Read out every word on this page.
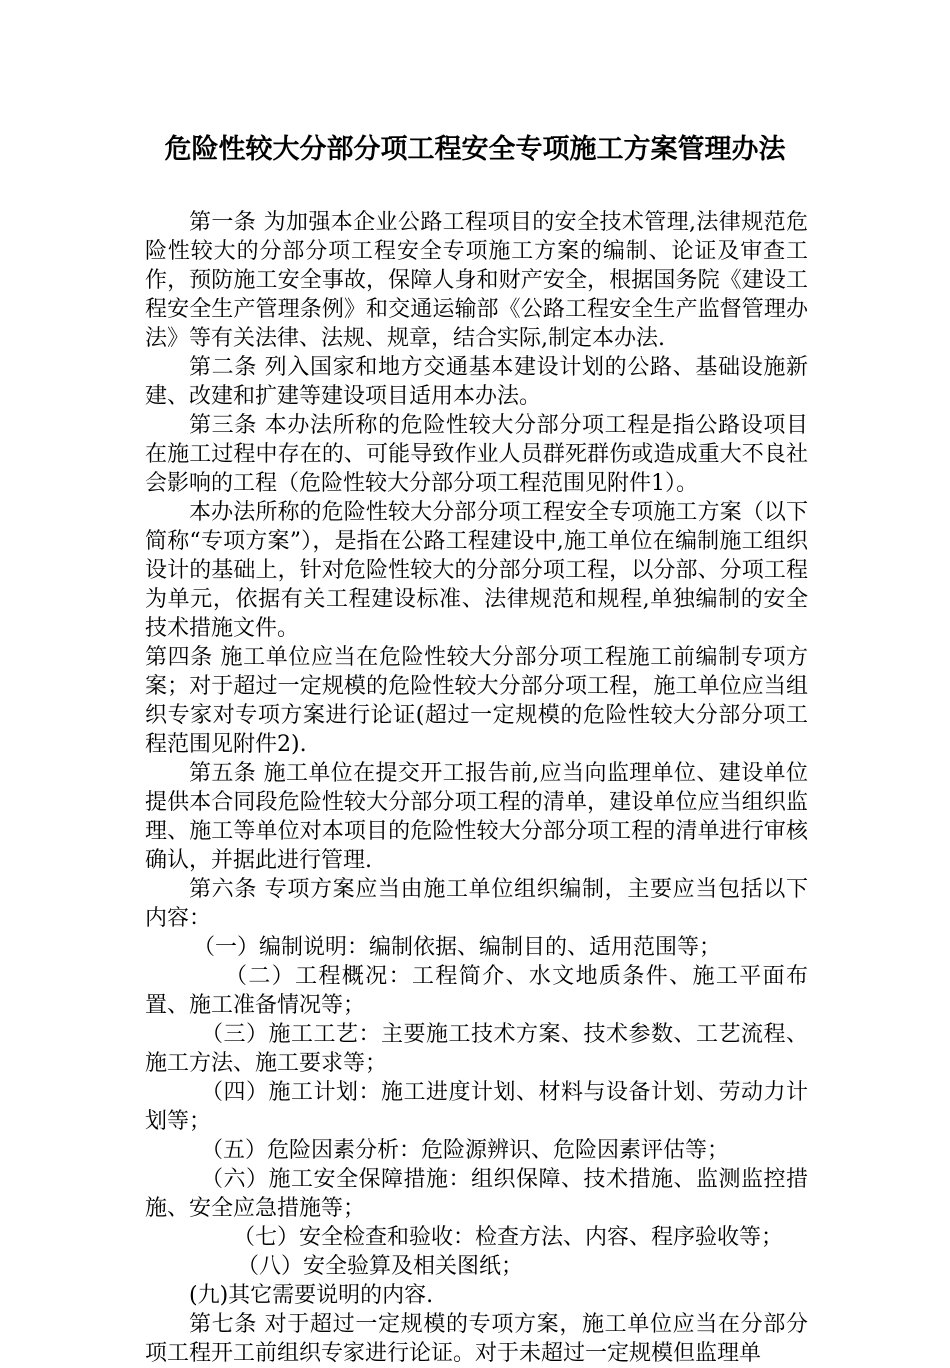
危险性较大分部分项工程安全专项施工方案管理办法

第一条 为加强本企业公路工程项目的安全技术管理,法律规范危险性较大的分部分项工程安全专项施工方案的编制、论证及审查工作，预防施工安全事故，保障人身和财产安全，根据国务院《建设工程安全生产管理条例》和交通运输部《公路工程安全生产监督管理办法》等有关法律、法规、规章，结合实际,制定本办法.

第二条 列入国家和地方交通基本建设计划的公路、基础设施新建、改建和扩建等建设项目适用本办法。

第三条 本办法所称的危险性较大分部分项工程是指公路设项目在施工过程中存在的、可能导致作业人员群死群伤或造成重大不良社会影响的工程（危险性较大分部分项工程范围见附件1）。

本办法所称的危险性较大分部分项工程安全专项施工方案（以下简称“专项方案”），是指在公路工程建设中,施工单位在编制施工组织设计的基础上，针对危险性较大的分部分项工程，以分部、分项工程为单元，依据有关工程建设标准、法律规范和规程,单独编制的安全技术措施文件。

第四条 施工单位应当在危险性较大分部分项工程施工前编制专项方案；对于超过一定规模的危险性较大分部分项工程，施工单位应当组织专家对专项方案进行论证(超过一定规模的危险性较大分部分项工程范围见附件2).

第五条 施工单位在提交开工报告前,应当向监理单位、建设单位提供本合同段危险性较大分部分项工程的清单，建设单位应当组织监理、施工等单位对本项目的危险性较大分部分项工程的清单进行审核确认，并据此进行管理.

第六条 专项方案应当由施工单位组织编制，主要应当包括以下内容：

（一）编制说明：编制依据、编制目的、适用范围等；

（二）工程概况：工程简介、水文地质条件、施工平面布置、施工准备情况等；

（三）施工工艺：主要施工技术方案、技术参数、工艺流程、施工方法、施工要求等；

（四）施工计划：施工进度计划、材料与设备计划、劳动力计划等；

（五）危险因素分析：危险源辨识、危险因素评估等；

（六）施工安全保障措施：组织保障、技术措施、监测监控措施、安全应急措施等；

（七）安全检查和验收：检查方法、内容、程序验收等；

（八）安全验算及相关图纸；

(九)其它需要说明的内容.

第七条 对于超过一定规模的专项方案，施工单位应当在分部分项工程开工前组织专家进行论证。对于未超过一定规模但监理单
